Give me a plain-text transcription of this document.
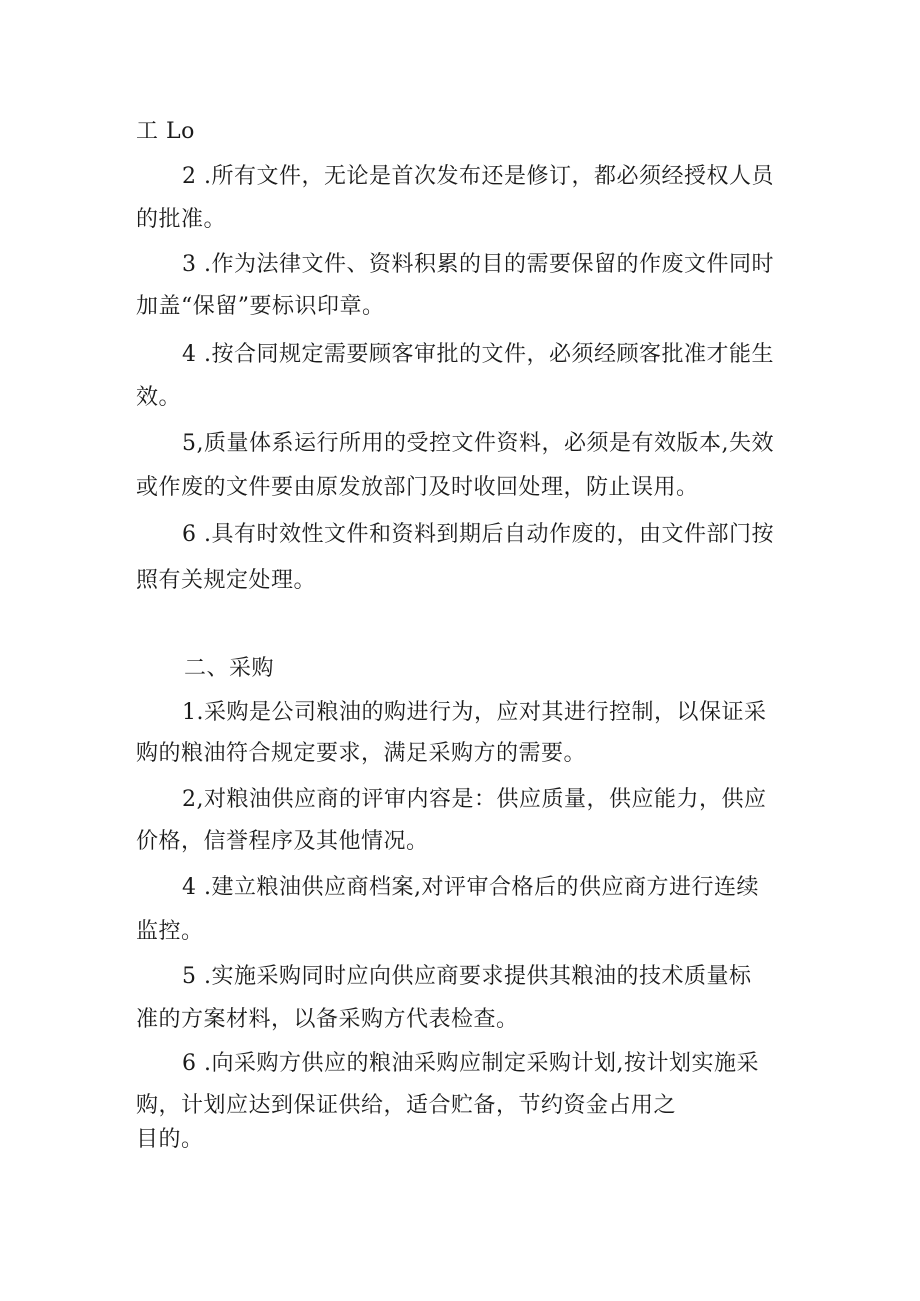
工 Lo
2 .所有文件，无论是首次发布还是修订，都必须经授权人员
的批准。
3 .作为法律文件、资料积累的目的需要保留的作废文件同时
加盖“保留”要标识印章。
4 .按合同规定需要顾客审批的文件，必须经顾客批准才能生
效。
5,质量体系运行所用的受控文件资料，必须是有效版本,失效
或作废的文件要由原发放部门及时收回处理，防止误用。
6 .具有时效性文件和资料到期后自动作废的，由文件部门按
照有关规定处理。
二、采购
1.采购是公司粮油的购进行为，应对其进行控制，以保证采
购的粮油符合规定要求，满足采购方的需要。
2,对粮油供应商的评审内容是：供应质量，供应能力，供应
价格，信誉程序及其他情况。
4 .建立粮油供应商档案,对评审合格后的供应商方进行连续
监控。
5 .实施采购同时应向供应商要求提供其粮油的技术质量标
准的方案材料，以备采购方代表检查。
6 .向采购方供应的粮油采购应制定采购计划,按计划实施采
购，计划应达到保证供给，适合贮备，节约资金占用之
目的。
